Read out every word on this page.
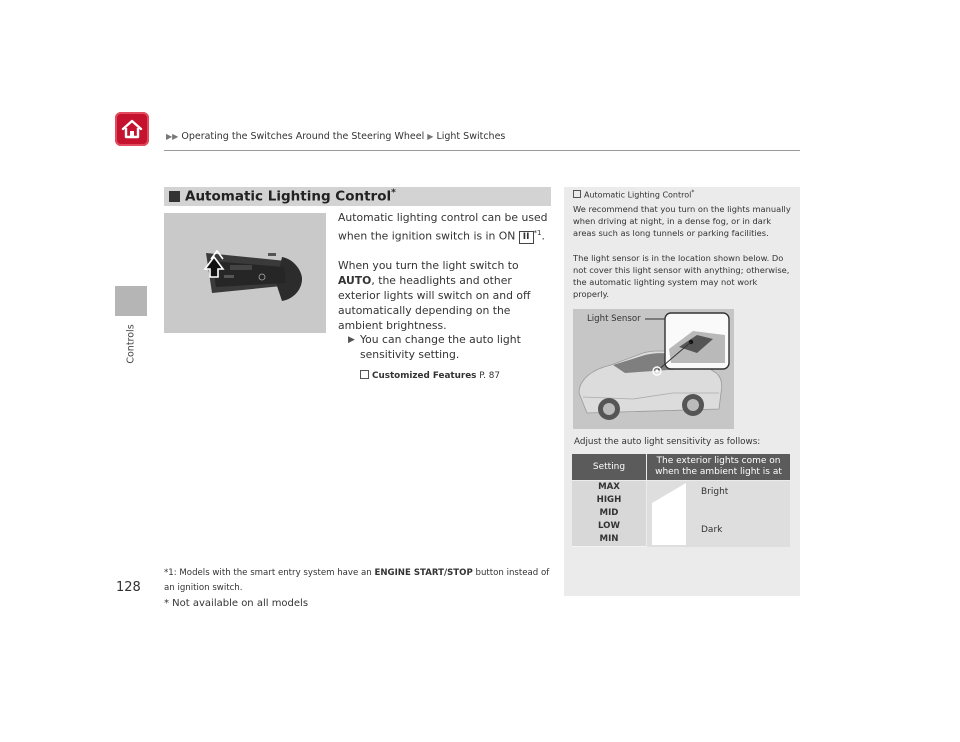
▶▶ Operating the Switches Around the Steering Wheel ▶ Light Switches
Controls
128
* Not available on all models
Automatic Lighting Control*

Automatic lighting control can be used when the ignition switch is in ON II $^{*1}$.

When you turn the light switch to AUTO, the headlights and other exterior lights will switch on and off automatically depending on the ambient brightness.

▶ You can change the auto light sensitivity setting.
Customized Features P. 87
*1: Models with the smart entry system have an ENGINE START/STOP button instead of an ignition switch.
Automatic Lighting Control*

We recommend that you turn on the lights manually when driving at night, in a dense fog, or in dark areas such as long tunnels or parking facilities.

The light sensor is in the location shown below. Do not cover this light sensor with anything; otherwise, the automatic lighting system may not work properly.

Light Sensor
Adjust the auto light sensitivity as follows:
Setting
The exterior lights come on when the ambient light is at
MAX
HIGH
MID
LOW
MIN
Bright
Dark
